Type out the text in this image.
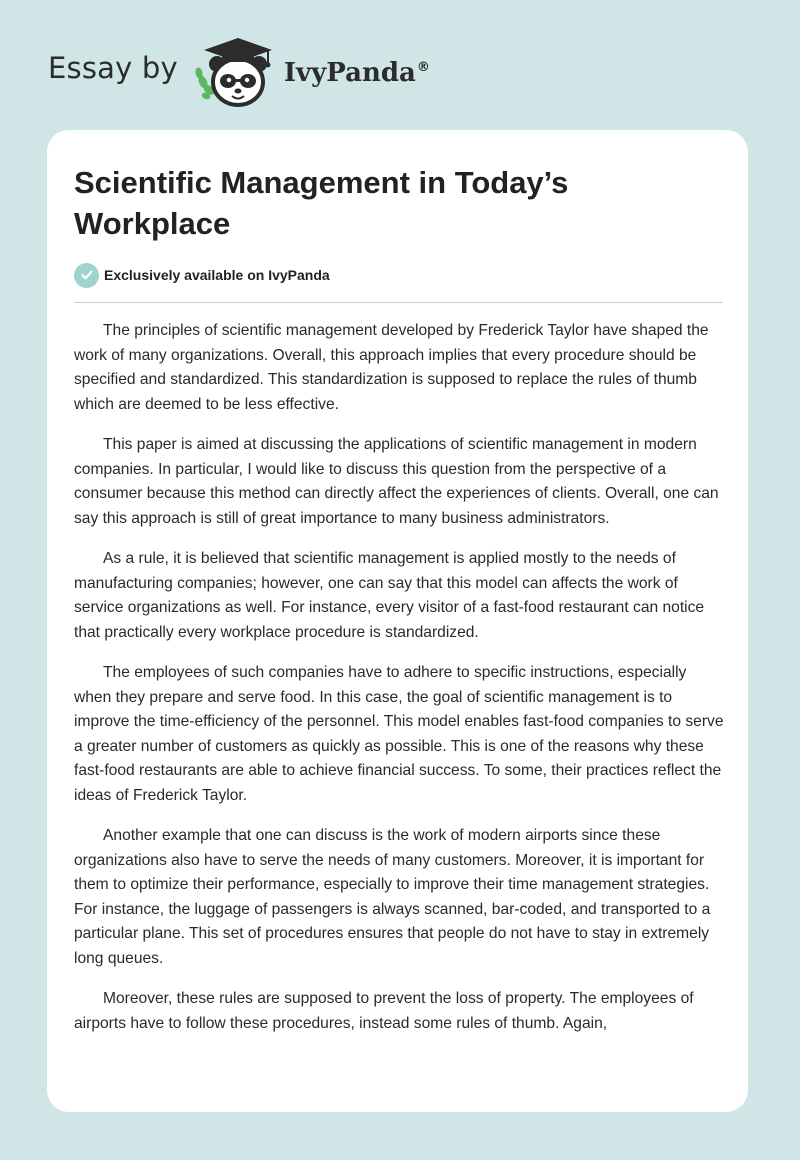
Essay by	IvyPanda®
Scientific Management in Today’s Workplace
Exclusively available on IvyPanda

The principles of scientific management developed by Frederick Taylor have shaped the work of many organizations. Overall, this approach implies that every procedure should be specified and standardized. This standardization is supposed to replace the rules of thumb which are deemed to be less effective.

This paper is aimed at discussing the applications of scientific management in modern companies. In particular, I would like to discuss this question from the perspective of a consumer because this method can directly affect the experiences of clients. Overall, one can say this approach is still of great importance to many business administrators.

As a rule, it is believed that scientific management is applied mostly to the needs of manufacturing companies; however, one can say that this model can affects the work of service organizations as well. For instance, every visitor of a fast-food restaurant can notice that practically every workplace procedure is standardized.

The employees of such companies have to adhere to specific instructions, especially when they prepare and serve food. In this case, the goal of scientific management is to improve the time-efficiency of the personnel. This model enables fast-food companies to serve a greater number of customers as quickly as possible. This is one of the reasons why these fast-food restaurants are able to achieve financial success. To some, their practices reflect the ideas of Frederick Taylor.

Another example that one can discuss is the work of modern airports since these organizations also have to serve the needs of many customers. Moreover, it is important for them to optimize their performance, especially to improve their time management strategies. For instance, the luggage of passengers is always scanned, bar-coded, and transported to a particular plane. This set of procedures ensures that people do not have to stay in extremely long queues.

Moreover, these rules are supposed to prevent the loss of property. The employees of airports have to follow these procedures, instead some rules of thumb. Again,
